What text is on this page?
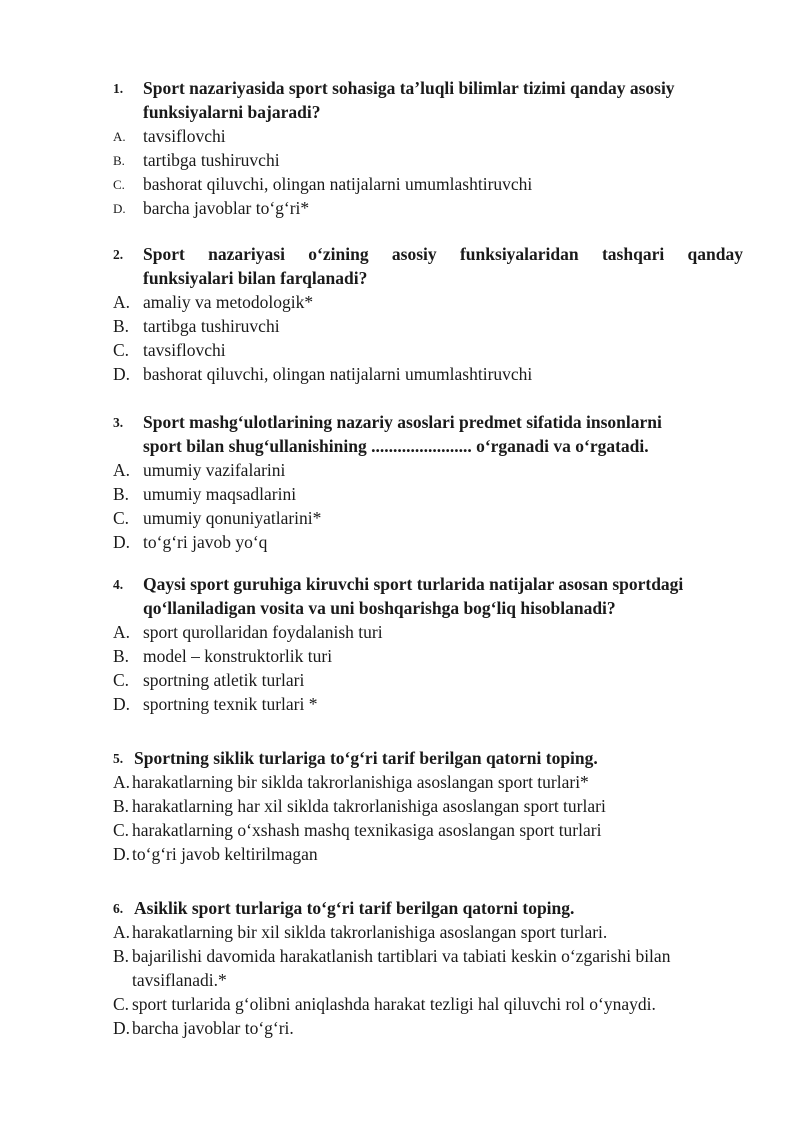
1. Sport nazariyasida sport sohasiga ta’luqli bilimlar tizimi qanday asosiy
funksiyalarni bajaradi?
A. tavsiflovchi
B. tartibga tushiruvchi
C. bashorat qiluvchi, olingan natijalarni umumlashtiruvchi
D. barcha javoblar to‘g‘ri*
2. Sport nazariyasi o‘zining asosiy funksiyalaridan tashqari qanday
funksiyalari bilan farqlanadi?
A. amaliy va metodologik*
B. tartibga tushiruvchi
C. tavsiflovchi
D. bashorat qiluvchi, olingan natijalarni umumlashtiruvchi
3. Sport mashg‘ulotlarining nazariy asoslari predmet sifatida insonlarni
sport bilan shug‘ullanishining ....................... o‘rganadi va o‘rgatadi.
A. umumiy vazifalarini
B. umumiy maqsadlarini
C. umumiy qonuniyatlarini*
D. to‘g‘ri javob yo‘q
4. Qaysi sport guruhiga kiruvchi sport turlarida natijalar asosan sportdagi
qo‘llaniladigan vosita va uni boshqarishga bog‘liq hisoblanadi?
A. sport qurollaridan foydalanish turi
B. model – konstruktorlik turi
C. sportning atletik turlari
D. sportning texnik turlari *
5. Sportning siklik turlariga to‘g‘ri tarif berilgan qatorni toping.
A. harakatlarning bir siklda takrorlanishiga asoslangan sport turlari*
B. harakatlarning har xil siklda takrorlanishiga asoslangan sport turlari
C. harakatlarning o‘xshash mashq texnikasiga asoslangan sport turlari
D. to‘g‘ri javob keltirilmagan
6. Asiklik sport turlariga to‘g‘ri tarif berilgan qatorni toping.
A. harakatlarning bir xil siklda takrorlanishiga asoslangan sport turlari.
B. bajarilishi davomida harakatlanish tartiblari va tabiati keskin o‘zgarishi bilan tavsiflanadi.*
C. sport turlarida g‘olibni aniqlashda harakat tezligi hal qiluvchi rol o‘ynaydi.
D. barcha javoblar to‘g‘ri.
